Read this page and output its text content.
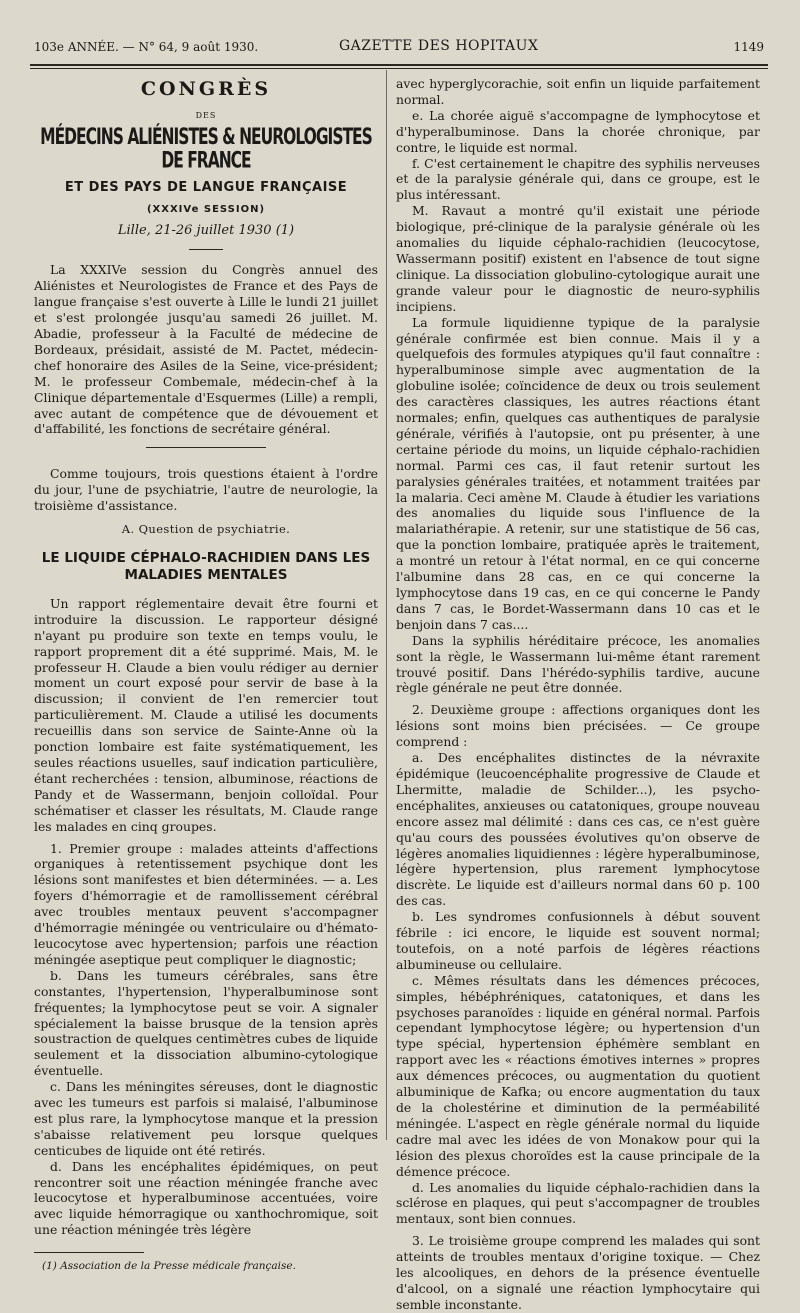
103e ANNÉE. — N° 64, 9 août 1930.	GAZETTE DES HOPITAUX	1149
CONGRÈS
DES
MÉDECINS ALIÉNISTES & NEUROLOGISTES DE FRANCE
ET DES PAYS DE LANGUE FRANÇAISE
(XXXIVe SESSION)
Lille, 21-26 juillet 1930 (1)

La XXXIVe session du Congrès annuel des Aliénistes et Neurologistes de France et des Pays de langue française s'est ouverte à Lille le lundi 21 juillet et s'est prolongée jusqu'au samedi 26 juillet. M. Abadie, professeur à la Faculté de médecine de Bordeaux, présidait, assisté de M. Pactet, médecin-chef honoraire des Asiles de la Seine, vice-président; M. le professeur Combemale, médecin-chef à la Clinique départementale d'Esquermes (Lille) a rempli, avec autant de compétence que de dévouement et d'affabilité, les fonctions de secrétaire général.

Comme toujours, trois questions étaient à l'ordre du jour, l'une de psychiatrie, l'autre de neurologie, la troisième d'assistance.

A. Question de psychiatrie.
LE LIQUIDE CÉPHALO-RACHIDIEN DANS LES MALADIES MENTALES

Un rapport réglementaire devait être fourni et introduire la discussion. Le rapporteur désigné n'ayant pu produire son texte en temps voulu, le rapport proprement dit a été supprimé. Mais, M. le professeur H. Claude a bien voulu rédiger au dernier moment un court exposé pour servir de base à la discussion; il convient de l'en remercier tout particulièrement. M. Claude a utilisé les documents recueillis dans son service de Sainte-Anne où la ponction lombaire est faite systématiquement, les seules réactions usuelles, sauf indication particulière, étant recherchées : tension, albuminose, réactions de Pandy et de Wassermann, benjoin colloïdal. Pour schématiser et classer les résultats, M. Claude range les malades en cinq groupes.

1. Premier groupe : malades atteints d'affections organiques à retentissement psychique dont les lésions sont manifestes et bien déterminées. — a. Les foyers d'hémorragie et de ramollissement cérébral avec troubles mentaux peuvent s'accompagner d'hémorragie méningée ou ventriculaire ou d'hémato-leucocytose avec hypertension; parfois une réaction méningée aseptique peut compliquer le diagnostic;

b. Dans les tumeurs cérébrales, sans être constantes, l'hypertension, l'hyperalbuminose sont fréquentes; la lymphocytose peut se voir. A signaler spécialement la baisse brusque de la tension après soustraction de quelques centimètres cubes de liquide seulement et la dissociation albumino-cytologique éventuelle.

c. Dans les méningites séreuses, dont le diagnostic avec les tumeurs est parfois si malaisé, l'albuminose est plus rare, la lymphocytose manque et la pression s'abaisse relativement peu lorsque quelques centicubes de liquide ont été retirés.

d. Dans les encéphalites épidémiques, on peut rencontrer soit une réaction méningée franche avec leucocytose et hyperalbuminose accentuées, voire avec liquide hémorragique ou xanthochromique, soit une réaction méningée très légère

(1) Association de la Presse médicale française.

avec hyperglycorachie, soit enfin un liquide parfaitement normal.

e. La chorée aiguë s'accompagne de lymphocytose et d'hyperalbuminose. Dans la chorée chronique, par contre, le liquide est normal.

f. C'est certainement le chapitre des syphilis nerveuses et de la paralysie générale qui, dans ce groupe, est le plus intéressant.

M. Ravaut a montré qu'il existait une période biologique, pré-clinique de la paralysie générale où les anomalies du liquide céphalo-rachidien (leucocytose, Wassermann positif) existent en l'absence de tout signe clinique. La dissociation globulino-cytologique aurait une grande valeur pour le diagnostic de neuro-syphilis incipiens.

La formule liquidienne typique de la paralysie générale confirmée est bien connue. Mais il y a quelquefois des formules atypiques qu'il faut connaître : hyperalbuminose simple avec augmentation de la globuline isolée; coïncidence de deux ou trois seulement des caractères classiques, les autres réactions étant normales; enfin, quelques cas authentiques de paralysie générale, vérifiés à l'autopsie, ont pu présenter, à une certaine période du moins, un liquide céphalo-rachidien normal. Parmi ces cas, il faut retenir surtout les paralysies générales traitées, et notamment traitées par la malaria. Ceci amène M. Claude à étudier les variations des anomalies du liquide sous l'influence de la malariathérapie. A retenir, sur une statistique de 56 cas, que la ponction lombaire, pratiquée après le traitement, a montré un retour à l'état normal, en ce qui concerne l'albumine dans 28 cas, en ce qui concerne la lymphocytose dans 19 cas, en ce qui concerne le Pandy dans 7 cas, le Bordet-Wassermann dans 10 cas et le benjoin dans 7 cas....

Dans la syphilis héréditaire précoce, les anomalies sont la règle, le Wassermann lui-même étant rarement trouvé positif. Dans l'hérédo-syphilis tardive, aucune règle générale ne peut être donnée.

2. Deuxième groupe : affections organiques dont les lésions sont moins bien précisées. — Ce groupe comprend :

a. Des encéphalites distinctes de la névraxite épidémique (leucoencéphalite progressive de Claude et Lhermitte, maladie de Schilder...), les psycho-encéphalites, anxieuses ou catatoniques, groupe nouveau encore assez mal délimité : dans ces cas, ce n'est guère qu'au cours des poussées évolutives qu'on observe de légères anomalies liquidiennes : légère hyperalbuminose, légère hypertension, plus rarement lymphocytose discrète. Le liquide est d'ailleurs normal dans 60 p. 100 des cas.

b. Les syndromes confusionnels à début souvent fébrile : ici encore, le liquide est souvent normal; toutefois, on a noté parfois de légères réactions albumineuse ou cellulaire.

c. Mêmes résultats dans les démences précoces, simples, hébéphréniques, catatoniques, et dans les psychoses paranoïdes : liquide en général normal. Parfois cependant lymphocytose légère; ou hypertension d'un type spécial, hypertension éphémère semblant en rapport avec les « réactions émotives internes » propres aux démences précoces, ou augmentation du quotient albuminique de Kafka; ou encore augmentation du taux de la cholestérine et diminution de la perméabilité méningée. L'aspect en règle générale normal du liquide cadre mal avec les idées de von Monakow pour qui la lésion des plexus choroïdes est la cause principale de la démence précoce.

d. Les anomalies du liquide céphalo-rachidien dans la sclérose en plaques, qui peut s'accompagner de troubles mentaux, sont bien connues.

3. Le troisième groupe comprend les malades qui sont atteints de troubles mentaux d'origine toxique. — Chez les alcooliques, en dehors de la présence éventuelle d'alcool, on a signalé une réaction lymphocytaire qui semble inconstante.
